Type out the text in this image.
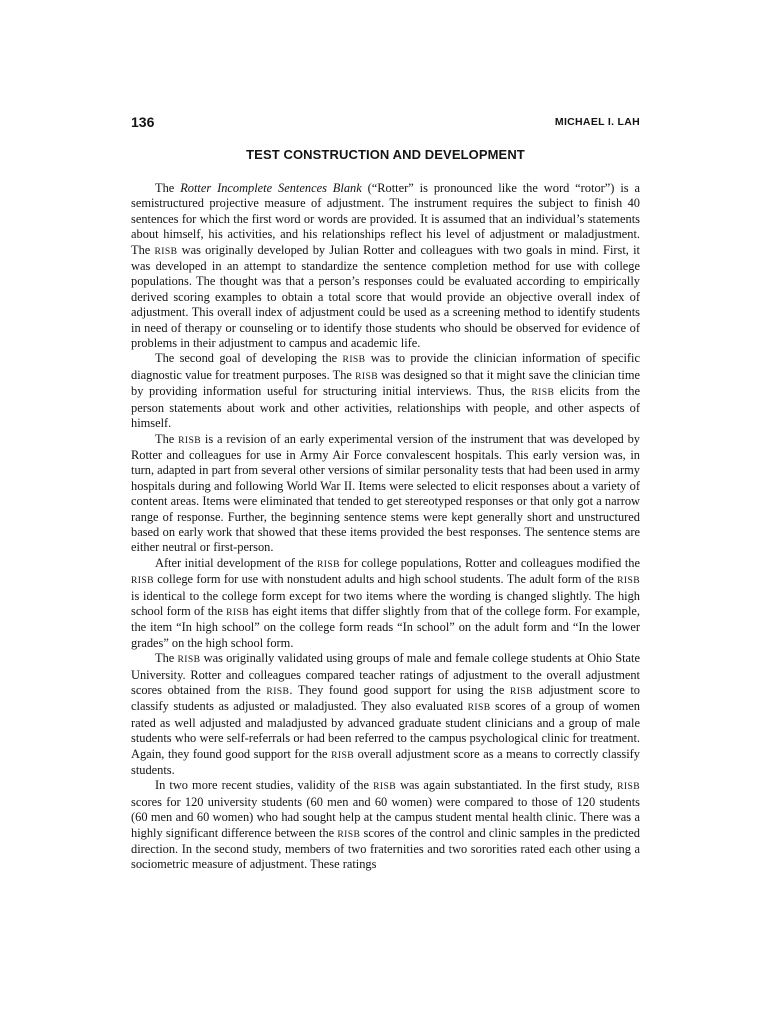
136	MICHAEL I. LAH
TEST CONSTRUCTION AND DEVELOPMENT

The Rotter Incomplete Sentences Blank (“Rotter” is pronounced like the word “rotor”) is a semistructured projective measure of adjustment. The instrument requires the subject to finish 40 sentences for which the first word or words are provided. It is assumed that an individual’s statements about himself, his activities, and his relationships reflect his level of adjustment or maladjustment. The RISB was originally developed by Julian Rotter and colleagues with two goals in mind. First, it was developed in an attempt to standardize the sentence completion method for use with college populations. The thought was that a person’s responses could be evaluated according to empirically derived scoring examples to obtain a total score that would provide an objective overall index of adjustment. This overall index of adjustment could be used as a screening method to identify students in need of therapy or counseling or to identify those students who should be observed for evidence of problems in their adjustment to campus and academic life.

The second goal of developing the RISB was to provide the clinician information of specific diagnostic value for treatment purposes. The RISB was designed so that it might save the clinician time by providing information useful for structuring initial interviews. Thus, the RISB elicits from the person statements about work and other activities, relationships with people, and other aspects of himself.

The RISB is a revision of an early experimental version of the instrument that was developed by Rotter and colleagues for use in Army Air Force convalescent hospitals. This early version was, in turn, adapted in part from several other versions of similar personality tests that had been used in army hospitals during and following World War II. Items were selected to elicit responses about a variety of content areas. Items were eliminated that tended to get stereotyped responses or that only got a narrow range of response. Further, the beginning sentence stems were kept generally short and unstructured based on early work that showed that these items provided the best responses. The sentence stems are either neutral or first-person.

After initial development of the RISB for college populations, Rotter and colleagues modified the RISB college form for use with nonstudent adults and high school students. The adult form of the RISB is identical to the college form except for two items where the wording is changed slightly. The high school form of the RISB has eight items that differ slightly from that of the college form. For example, the item “In high school” on the college form reads “In school” on the adult form and “In the lower grades” on the high school form.

The RISB was originally validated using groups of male and female college students at Ohio State University. Rotter and colleagues compared teacher ratings of adjustment to the overall adjustment scores obtained from the RISB. They found good support for using the RISB adjustment score to classify students as adjusted or maladjusted. They also evaluated RISB scores of a group of women rated as well adjusted and maladjusted by advanced graduate student clinicians and a group of male students who were self-referrals or had been referred to the campus psychological clinic for treatment. Again, they found good support for the RISB overall adjustment score as a means to correctly classify students.

In two more recent studies, validity of the RISB was again substantiated. In the first study, RISB scores for 120 university students (60 men and 60 women) were compared to those of 120 students (60 men and 60 women) who had sought help at the campus student mental health clinic. There was a highly significant difference between the RISB scores of the control and clinic samples in the predicted direction. In the second study, members of two fraternities and two sororities rated each other using a sociometric measure of adjustment. These ratings
